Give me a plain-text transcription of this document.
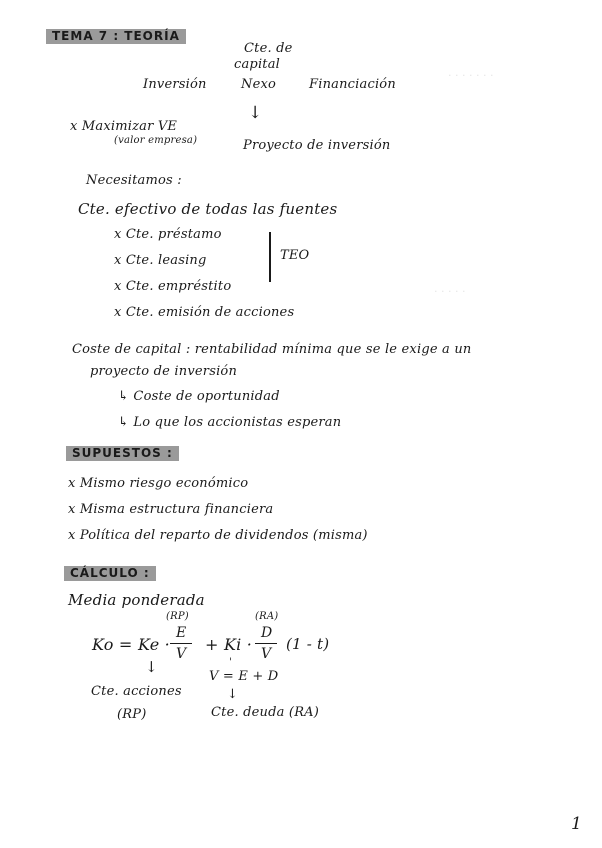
TEMA 7 : TEORÍA
Cte. de
capital
Inversión	Nexo	Financiación
↓
x Maximizar VE
(valor empresa)	Proyecto de inversión
· · · · · · ·
Necesitamos :
Cte. efectivo de todas las fuentes
x Cte. préstamo
x Cte. leasing
x Cte. empréstito
x Cte. emisión de acciones
TEO
· · · · ·
Coste de capital : rentabilidad mínima que se le exige a un
proyecto de inversión
↳ Coste de oportunidad
↳ Lo que los accionistas esperan
SUPUESTOS :
x Mismo riesgo económico
x Misma estructura financiera
x Política del reparto de dividendos (misma)
CÁLCULO :
Media ponderada
(RP)	(RA)
Ko = Ke ·
E
V + Ki ·
D
V
(1 - t)
↓	'
V = E + D
Cte. acciones	↓
(RP)	Cte. deuda (RA)
1
